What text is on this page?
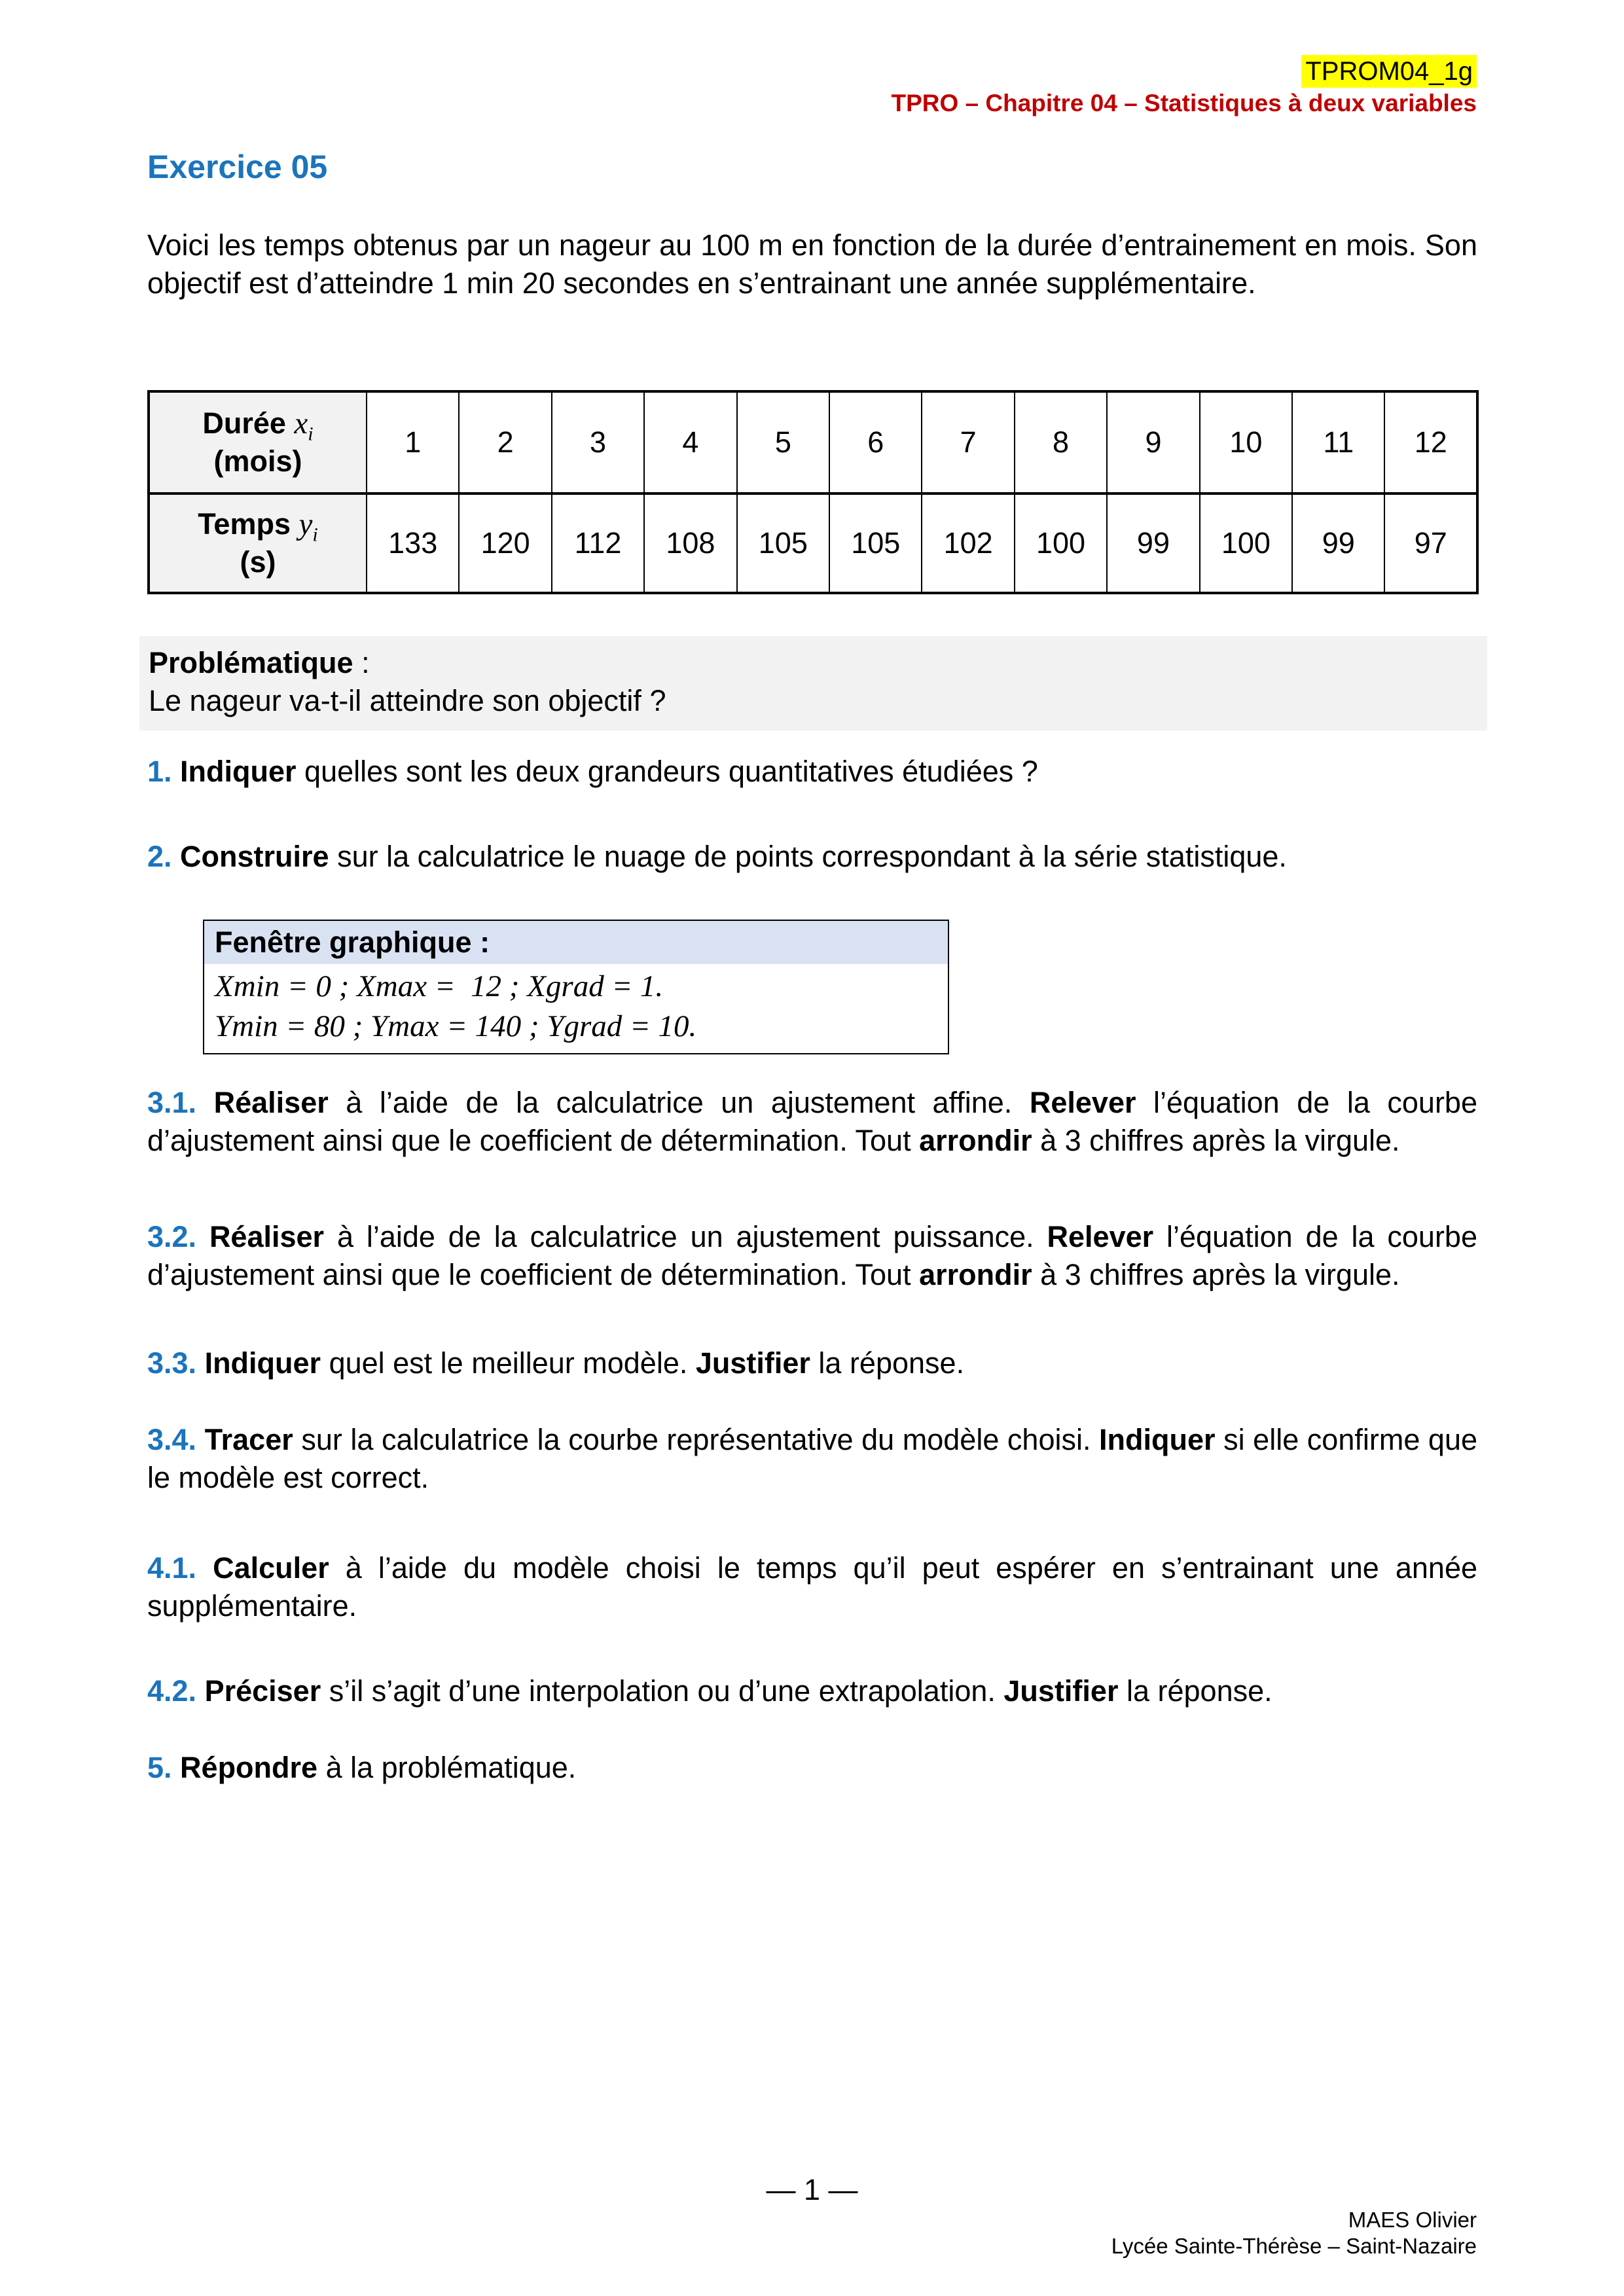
TPROM04_1g
TPRO – Chapitre 04 – Statistiques à deux variables
Exercice 05

Voici les temps obtenus par un nageur au 100 m en fonction de la durée d’entrainement en mois. Son objectif est d’atteindre 1 min 20 secondes en s’entrainant une année supplémentaire.

Durée $x_i$
(mois)	1	2	3	4	5	6	7	8	9	10	11	12
Temps $y_i$
(s)	133	120	112	108	105	105	102	100	99	100	99	97
Problématique :
Le nageur va-t-il atteindre son objectif ?

1. Indiquer quelles sont les deux grandeurs quantitatives étudiées ?

2. Construire sur la calculatrice le nuage de points correspondant à la série statistique.

Fenêtre graphique :
Xmin = 0 ; Xmax =  12 ; Xgrad = 1.
Ymin = 80 ; Ymax = 140 ; Ygrad = 10.

3.1. Réaliser à l’aide de la calculatrice un ajustement affine. Relever l’équation de la courbe d’ajustement ainsi que le coefficient de détermination. Tout arrondir à 3 chiffres après la virgule.

3.2. Réaliser à l’aide de la calculatrice un ajustement puissance. Relever l’équation de la courbe d’ajustement ainsi que le coefficient de détermination. Tout arrondir à 3 chiffres après la virgule.

3.3. Indiquer quel est le meilleur modèle. Justifier la réponse.

3.4. Tracer sur la calculatrice la courbe représentative du modèle choisi. Indiquer si elle confirme que le modèle est correct.

4.1. Calculer à l’aide du modèle choisi le temps qu’il peut espérer en s’entrainant une année supplémentaire.

4.2. Préciser s’il s’agit d’une interpolation ou d’une extrapolation. Justifier la réponse.

5. Répondre à la problématique.

— 1 —
MAES Olivier
Lycée Sainte-Thérèse – Saint-Nazaire
